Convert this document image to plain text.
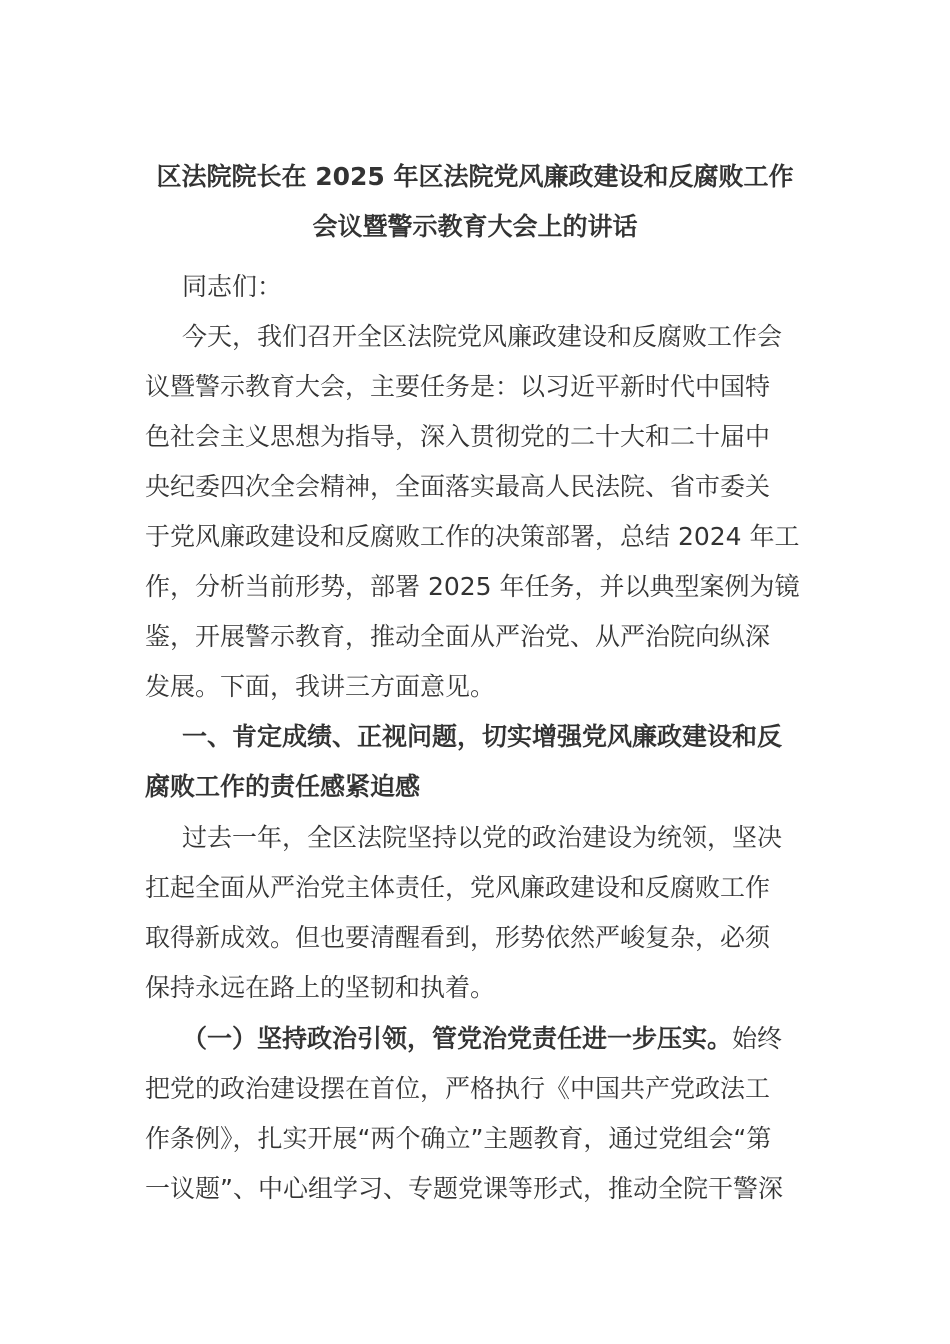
区法院院长在 2025 年区法院党风廉政建设和反腐败工作
会议暨警示教育大会上的讲话
同志们：
今天，我们召开全区法院党风廉政建设和反腐败工作会
议暨警示教育大会，主要任务是：以习近平新时代中国特
色社会主义思想为指导，深入贯彻党的二十大和二十届中
央纪委四次全会精神，全面落实最高人民法院、省市委关
于党风廉政建设和反腐败工作的决策部署，总结 2024 年工
作，分析当前形势，部署 2025 年任务，并以典型案例为镜
鉴，开展警示教育，推动全面从严治党、从严治院向纵深
发展。下面，我讲三方面意见。
一、肯定成绩、正视问题，切实增强党风廉政建设和反
腐败工作的责任感紧迫感
过去一年，全区法院坚持以党的政治建设为统领，坚决
扛起全面从严治党主体责任，党风廉政建设和反腐败工作
取得新成效。但也要清醒看到，形势依然严峻复杂，必须
保持永远在路上的坚韧和执着。
（一）坚持政治引领，管党治党责任进一步压实。始终
把党的政治建设摆在首位，严格执行《中国共产党政法工
作条例》，扎实开展“两个确立”主题教育，通过党组会“第
一议题”、中心组学习、专题党课等形式，推动全院干警深
